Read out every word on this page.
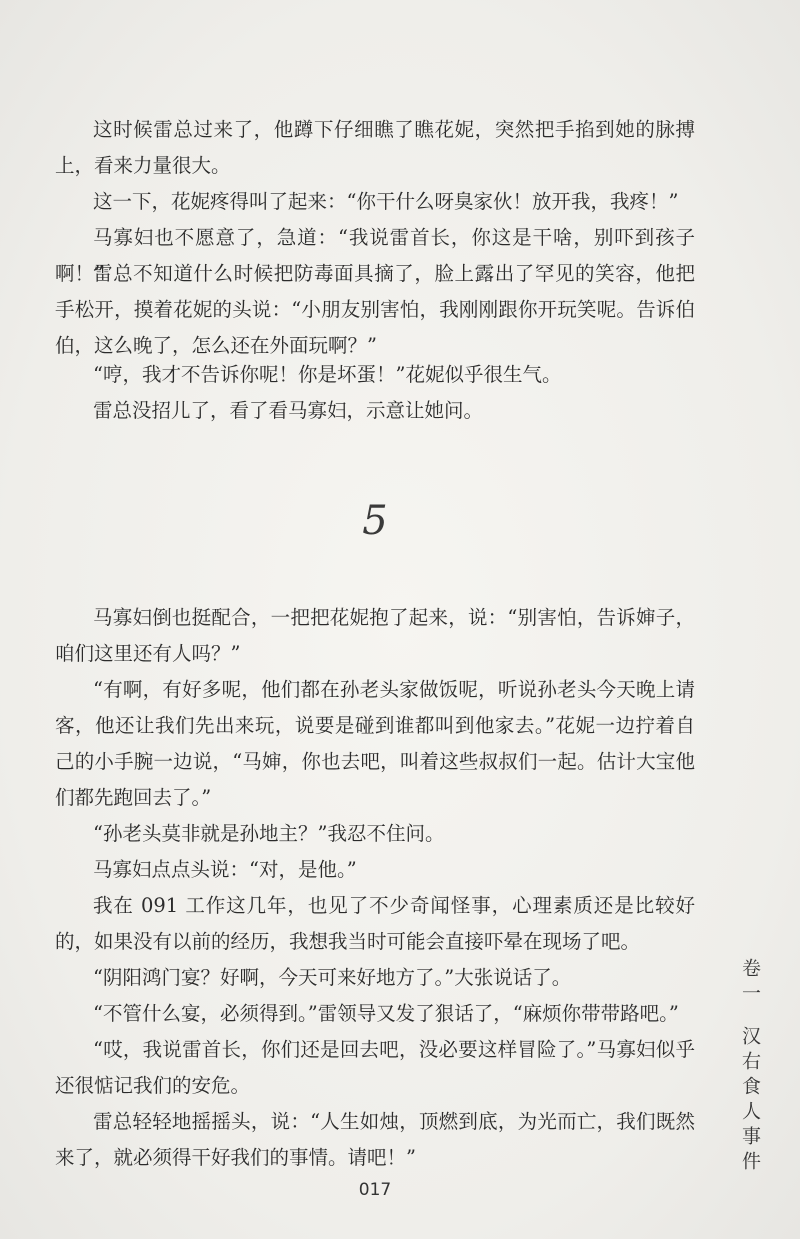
这时候雷总过来了，他蹲下仔细瞧了瞧花妮，突然把手掐到她的脉搏上，看来力量很大。
这一下，花妮疼得叫了起来：“你干什么呀臭家伙！放开我，我疼！”
马寡妇也不愿意了，急道：“我说雷首长，你这是干啥，别吓到孩子啊！”
雷总不知道什么时候把防毒面具摘了，脸上露出了罕见的笑容，他把手松开，摸着花妮的头说：“小朋友别害怕，我刚刚跟你开玩笑呢。告诉伯伯，这么晚了，怎么还在外面玩啊？”
“哼，我才不告诉你呢！你是坏蛋！”花妮似乎很生气。
雷总没招儿了，看了看马寡妇，示意让她问。
5
马寡妇倒也挺配合，一把把花妮抱了起来，说：“别害怕，告诉婶子，咱们这里还有人吗？”
“有啊，有好多呢，他们都在孙老头家做饭呢，听说孙老头今天晚上请客，他还让我们先出来玩，说要是碰到谁都叫到他家去。”花妮一边拧着自己的小手腕一边说，“马婶，你也去吧，叫着这些叔叔们一起。估计大宝他们都先跑回去了。”
“孙老头莫非就是孙地主？”我忍不住问。
马寡妇点点头说：“对，是他。”
我在 091 工作这几年，也见了不少奇闻怪事，心理素质还是比较好的，如果没有以前的经历，我想我当时可能会直接吓晕在现场了吧。
“阴阳鸿门宴？好啊，今天可来好地方了。”大张说话了。
“不管什么宴，必须得到。”雷领导又发了狠话了，“麻烦你带带路吧。”
“哎，我说雷首长，你们还是回去吧，没必要这样冒险了。”马寡妇似乎还很惦记我们的安危。
雷总轻轻地摇摇头，说：“人生如烛，顶燃到底，为光而亡，我们既然来了，就必须得干好我们的事情。请吧！”
卷一汉右食人事件
017
